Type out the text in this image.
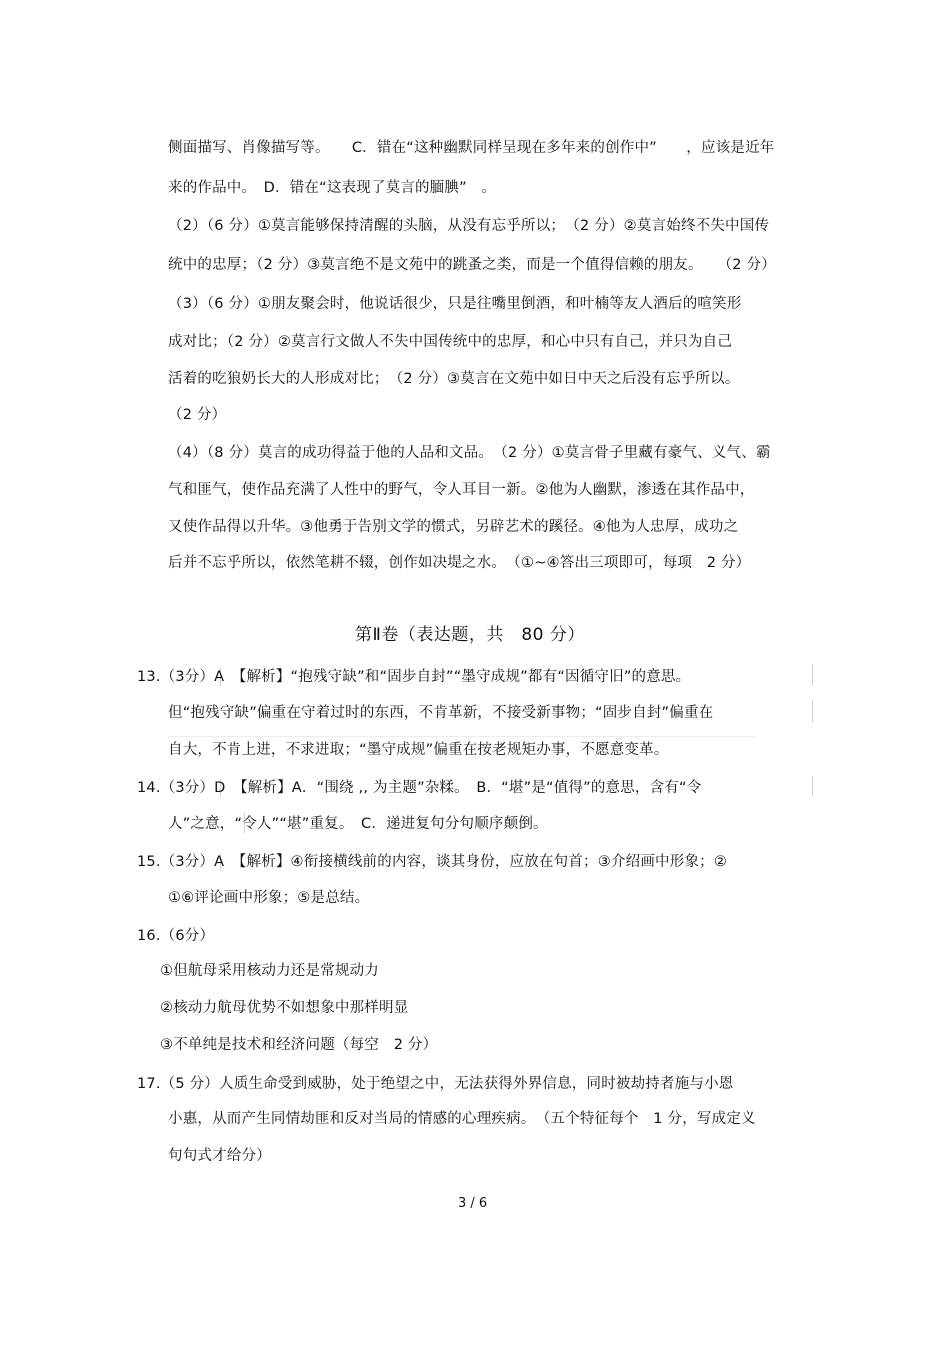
侧面描写、肖像描写等。　　C．错在“这种幽默同样呈现在多年来的创作中”　　，应该是近年
来的作品中。　D．错在“这表现了莫言的腼腆”　。
（2）（6 分）①莫言能够保持清醒的头脑，从没有忘乎所以；　（2 分）②莫言始终不失中国传
统中的忠厚；（2 分）③莫言绝不是文苑中的跳蚤之类，而是一个值得信赖的朋友。　　（2 分）
（3）（6 分）①朋友聚会时，他说话很少，只是往嘴里倒酒，和叶楠等友人酒后的喧笑形
成对比；（2 分）②莫言行文做人不失中国传统中的忠厚，和心中只有自己，并只为自己
活着的吃狼奶长大的人形成对比；　（2 分）③莫言在文苑中如日中天之后没有忘乎所以。
（2 分）
（4）（8 分）莫言的成功得益于他的人品和文品。　（2 分）①莫言骨子里藏有豪气、义气、霸
气和匪气，使作品充满了人性中的野气，令人耳目一新。②他为人幽默，渗透在其作品中，
又使作品得以升华。③他勇于告别文学的惯式，另辟艺术的蹊径。④他为人忠厚，成功之
后并不忘乎所以，依然笔耕不辍，创作如决堤之水。　（①~④答出三项即可，每项　2 分）
第Ⅱ卷（表达题，共　80 分）
13.（3分）A　【解析】“抱残守缺”和“固步自封”“墨守成规”都有“因循守旧”的意思。
但“抱残守缺”偏重在守着过时的东西，不肯革新，不接受新事物；“固步自封”偏重在
自大，不肯上进，不求进取；“墨守成规”偏重在按老规矩办事，不愿意变革。
14.（3分）D　【解析】A．“围绕 ,, 为主题”杂糅。　B．“堪”是“值得”的意思，含有“令
人”之意，“令人”“堪”重复。　C．递进复句分句顺序颠倒。
15.（3分）A　【解析】④衔接横线前的内容，谈其身份，应放在句首；③介绍画中形象；②
①⑥评论画中形象；⑤是总结。
16.（6分）
①但航母采用核动力还是常规动力
②核动力航母优势不如想象中那样明显
③不单纯是技术和经济问题（每空　2 分）
17.（5 分）人质生命受到威胁，处于绝望之中，无法获得外界信息，同时被劫持者施与小恩
小惠，从而产生同情劫匪和反对当局的情感的心理疾病。　（五个特征每个　1 分，写成定义
句句式才给分）
3 / 6
